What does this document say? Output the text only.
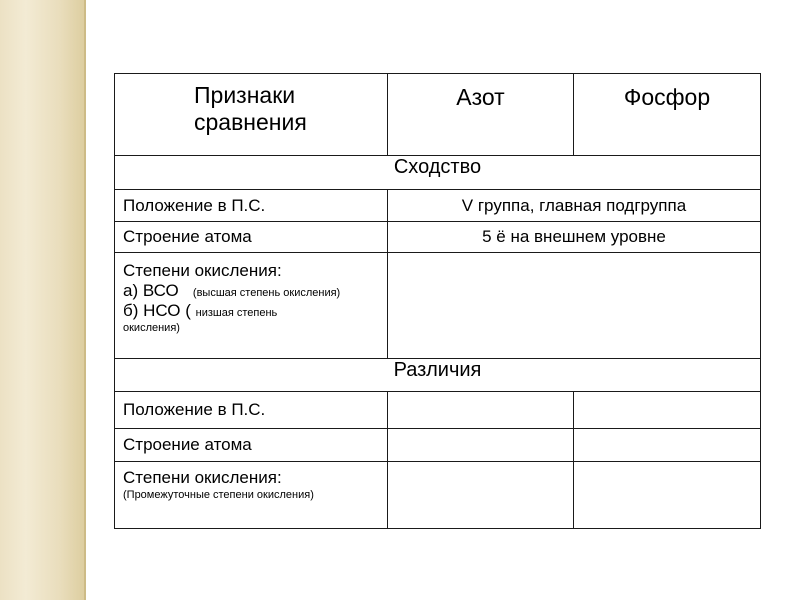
Признаки сравнения	Азот	Фосфор
Сходство		
Положение в П.С.	V группа, главная подгруппа	
Строение атома	5 ё на внешнем уровне	

Степени окисления:
а) ВСО (высшая степень окисления)
б) НСО ( низшая степень
окисления)		

Различия		
Положение в П.С.		
Строение атома		

Степени окисления:
(Промежуточные степени окисления)		
